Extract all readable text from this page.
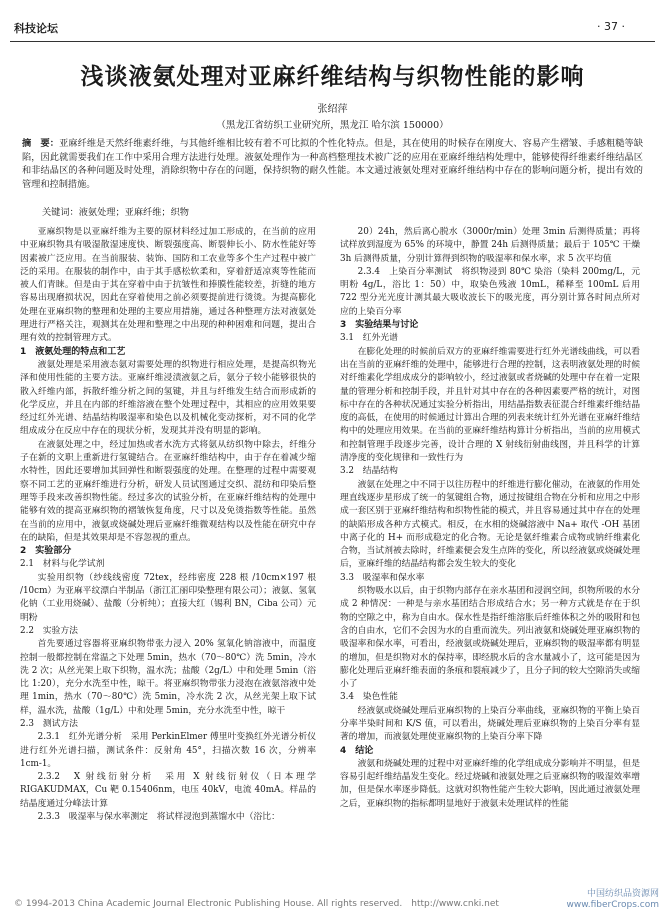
科技论坛	· 37 ·
浅谈液氨处理对亚麻纤维结构与织物性能的影响
张绍萍
（黑龙江省纺织工业研究所，黑龙江 哈尔滨 150000）
摘　要：亚麻纤维是天然纤维素纤维，与其他纤维相比较有着不可比拟的个性化特点。但是，其在使用的时候存在刚度大、容易产生褶皱、手感粗糙等缺陷，因此就需要我们在工作中采用合理方法进行处理。液氨处理作为一种高档整理技术被广泛的应用在亚麻纤维结构处理中，能够使得纤维素纤维结晶区和非结晶区的各种问题及时处理，消除织物中存在的问题，保持织物的耐久性能。本文通过液氨处理对亚麻纤维结构中存在的影响问题分析，提出有效的管理和控制措施。
关键词：液氨处理；亚麻纤维；织物

亚麻织物是以亚麻纤维为主要的原材料经过加工形成的，在当前的应用中亚麻织物具有吸湿散湿速度快、断裂强度高、断裂伸长小、防水性能好等因素被广泛应用。在当前服装、装饰、国防和工农业等多个生产过程中被广泛的采用。在服装的制作中，由于其手感松软柔和，穿着舒适凉爽等性能而被人们青睐。但是由于其在穿着中由于抗皱性和捧膜性能较差，折缝的地方容易出现磨损状况，因此在穿着使用之前必须要提前进行烫烫。为提高膨化处理在亚麻织物的整理和处理的主要应用措施，通过各种整理方法对液氨处理进行严格关注，观测其在处理和整理之中出现的种种困难和问题，提出合理有效的控制管理方式。

1　液氨处理的特点和工艺

液氨处理是采用液态氨对需要处理的织物进行相应处理，是提高织物光泽和使用性能的主要方法。亚麻纤维浸渍液氨之后，氨分子较小能够很快的散入纤维内部，拆散纤维分析之间的氢键，并且与纤维发生结合而形成新的化学反应，并且在内部的纤维溶液在整个处理过程中，其相应的应用效果要经过红外光谱、结晶结构吸湿率和染色以及机械化变动探析，对不同的化学组成成分在反应中存在的现状分析，发现其并没有明显的影响。

在液氨处理之中，经过加热或者水洗方式将氨从纺织物中除去，纤维分子在新的文职上重新进行氢键结合。在亚麻纤维结构中，由于存在着减少缩水特性，因此还要增加其回弹性和断裂强度的处理。在整理的过程中需要观察不同工艺的亚麻纤维进行分析，研发人员试图通过交织、混纺和印染后整理等手段来改善织物性能。经过多次的试验分析，在亚麻纤维结构的处理中能够有效的提高亚麻织物的褶皱恢复角度，尺寸以及免烫指数等性能。虽然在当前的应用中，液氨或烧碱处理后亚麻纤维微观结构以及性能在研究中存在的缺陷，但是其效果却是不容忽视的重点。

2　实验部分
2.1　材料与化学试剂

实验用织物（纱线线密度 72tex，经纬密度 228 根 /10cm×197 根 /10cm）为亚麻平纹漂白半制品（浙江汇丽印染整理有限公司）；液氨、氢氧化钠（工业用烧碱）、盐酸（分析纯）；直接大红（锡利 BN，Ciba 公司）元明粉

2.2　实验方法

首先要通过容器将亚麻织物带张力浸入 20% 氢氧化钠溶液中，而温度控制一般都控制在常温之下处理 5min，热水（70～80℃）洗 5min，冷水洗 2 次；从丝光架上取下织物，温水洗；盐酸（2g/L）中和处理 5min（浴比 1:20），充分水洗至中性，晾干。将亚麻织物带张力浸泡在液氨溶液中处理 1min，热水（70～80℃）洗 5min，冷水洗 2 次，从丝光架上取下试样，温水洗，盐酸（1g/L）中和处理 5min，充分水洗至中性，晾干

2.3　测试方法

2.3.1　红外光谱分析　采用 PerkinElmer 傅里叶变换红外光谱分析仪进行红外光谱扫描，测试条件：反射角 45°，扫描次数 16 次，分辨率 1cm-1。

2.3.2　X 射线衍射分析　采用 X 射线衍射仪（日本理学 RIGAKUDMAX，Cu 靶 0.15406nm，电压 40kV，电流 40mA。样品的结晶度通过分峰法计算

2.3.3　吸湿率与保水率测定　将试样浸泡到蒸馏水中（浴比：

20）24h，然后离心脱水（3000r/min）处理 3min 后测得质量；再将试样放到湿度为 65% 的环境中，静置 24h 后测得质量；最后于 105℃ 干燥 3h 后测得质量，分别计算得到织物的吸湿率和保水率，求 5 次平均值

2.3.4　上染百分率测试　将织物浸到 80℃ 染浴（染料 200mg/L，元明粉 4g/L，浴比 1：50）中，取染色残液 10mL，稀释至 100mL 后用 722 型分光光度计测其最大吸收波长下的吸光度，再分别计算各时间点所对应的上染百分率

3　实验结果与讨论
3.1　红外光谱

在膨化处理的时候前后双方的亚麻纤维需要进行红外光谱线曲线，可以看出在当前的亚麻纤维的处理中，能够进行合理的控制，这表明液氨处理的时候对纤维素化学组成成分的影响较小，经过液氨或者烧碱的处理中存在着一定限量的管理分析和控制手段，并且针对其中存在的各种因素要严格的统计，对图标中存在的各种状况通过实验分析指出，用结晶指数表征混合纤维素纤维结晶度的高低，在使用的时候通过计算出合理的列表来统计红外光谱在亚麻纤维结构中的处理应用效果。在当前的亚麻纤维结构算计分析指出，当前的应用模式和控制管理手段逐步完善，设计合理的 X 射线衍射曲线图，并且科学的计算清净度的变化规律和一致性行为

3.2　结晶结构

液氨在处理之中不同于以往历程中的纤维进行膨化催动，在液氨的作用处理直线逐步星形成了统一的氢键组合物，通过按键组合物在分析和应用之中形成一套区别于亚麻纤维结构和织物性能的模式，并且容易通过其中存在的处理的缺陷形成各种方式模式。相反，在水相的烧碱溶液中 Na+ 取代 -OH 基团中离子化的 H+ 而形成稳定的化合物。无论是氨纤维素合成物或钠纤维素化合物，当试剂被去除时，纤维素便会发生点阵的变化，所以经液氨或烧碱处理后，亚麻纤维的结晶结构都会发生较大的变化

3.3　吸湿率和保水率

织物吸水以后，由于织物内部存在亲水基团和浸润空间，织物所吸的水分成 2 种情况：一种是与亲水基团结合形成结合水；另一种方式就是存在于织物的空隙之中，称为自由水。保水性是指纤维溶胀后纤维体积之外的吸附和包含的自由水，它们不会因为水的自重而流失。列出液氨和烧碱处理亚麻织物的吸湿率和保水率，可看出，经液氨或烧碱处理后，亚麻织物的吸湿率都有明显的增加，但是织物对水的保持率，即经脱水后的含水量减小了，这可能是因为膨化处理后亚麻纤维表面的条痕和裂痕减少了，且分子间的较大空隙消失或缩小了

3.4　染色性能

经液氨或烧碱处理后亚麻织物的上染百分率曲线，亚麻织物的平衡上染百分率半染时间和 K/S 值，可以看出，烧碱处理后亚麻织物的上染百分率有显著的增加，而液氨处理使亚麻织物的上染百分率下降

4　结论

液氨和烧碱处理的过程中对亚麻纤维的化学组成成分影响并不明显，但是容易引起纤维结晶发生变化。经过烧碱和液氨处理之后亚麻织物的吸湿效率增加，但是保水率逐步降低。这就对织物性能产生较大影响，因此通过液氨处理之后，亚麻织物的指标都明显地好于液氨未处理试样的性能

© 1994-2013 China Academic Journal Electronic Publishing House. All rights reserved.　http://www.cnki.net
中国纺织品资源网
www.fiberCrops.com
